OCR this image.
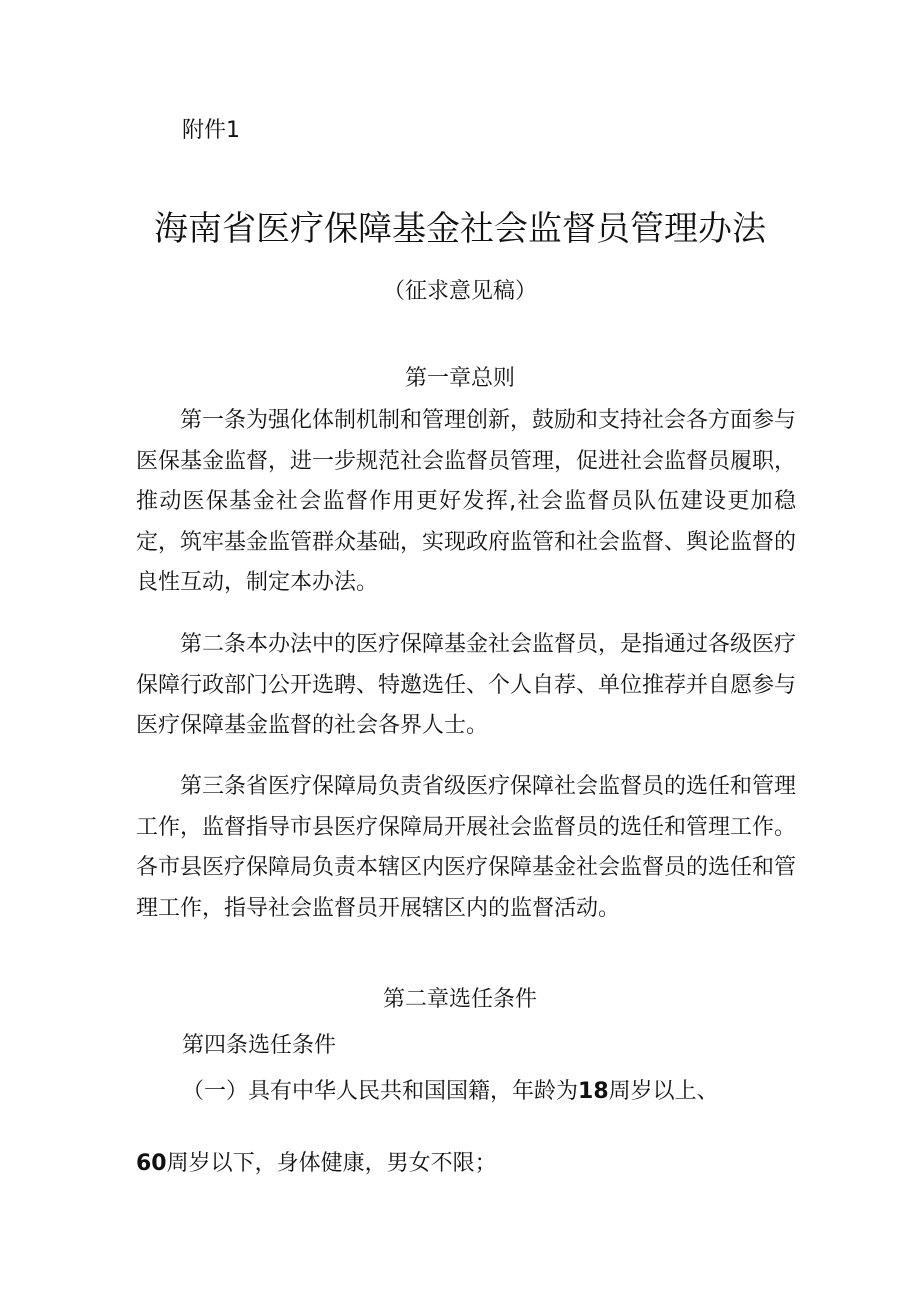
附件1
海南省医疗保障基金社会监督员管理办法
（征求意见稿）
第一章总则
第一条为强化体制机制和管理创新，鼓励和支持社会各方面参与医保基金监督，进一步规范社会监督员管理，促进社会监督员履职，推动医保基金社会监督作用更好发挥,社会监督员队伍建设更加稳定，筑牢基金监管群众基础，实现政府监管和社会监督、舆论监督的良性互动，制定本办法。
第二条本办法中的医疗保障基金社会监督员，是指通过各级医疗保障行政部门公开选聘、特邀选任、个人自荐、单位推荐并自愿参与医疗保障基金监督的社会各界人士。
第三条省医疗保障局负责省级医疗保障社会监督员的选任和管理工作，监督指导市县医疗保障局开展社会监督员的选任和管理工作。各市县医疗保障局负责本辖区内医疗保障基金社会监督员的选任和管理工作，指导社会监督员开展辖区内的监督活动。
第二章选任条件
第四条选任条件
（一）具有中华人民共和国国籍，年龄为18周岁以上、
60周岁以下，身体健康，男女不限；
